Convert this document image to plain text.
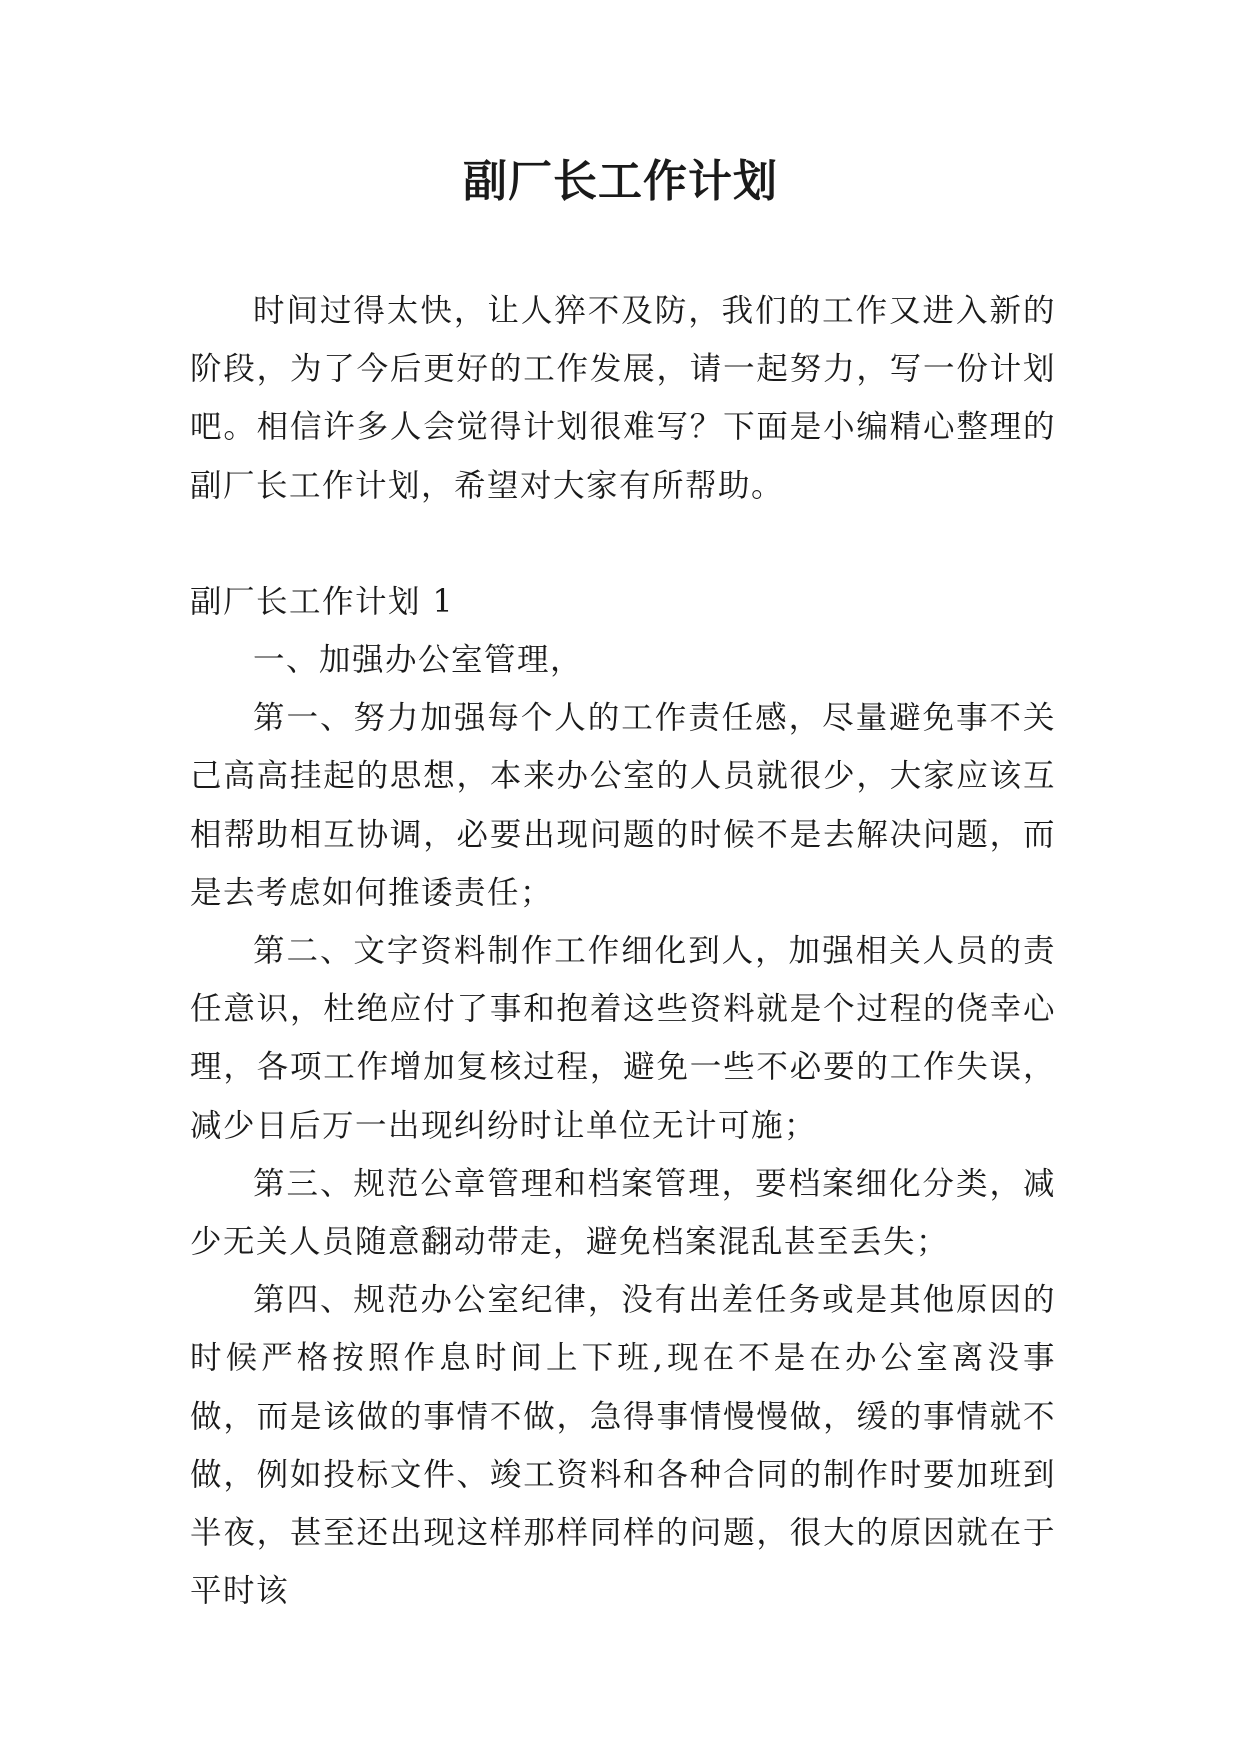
副厂长工作计划

时间过得太快，让人猝不及防，我们的工作又进入新的阶段，为了今后更好的工作发展，请一起努力，写一份计划吧。相信许多人会觉得计划很难写？下面是小编精心整理的副厂长工作计划，希望对大家有所帮助。

副厂长工作计划 1

一、加强办公室管理，

第一、努力加强每个人的工作责任感，尽量避免事不关己高高挂起的思想，本来办公室的人员就很少，大家应该互相帮助相互协调，必要出现问题的时候不是去解决问题，而是去考虑如何推诿责任；

第二、文字资料制作工作细化到人，加强相关人员的责任意识，杜绝应付了事和抱着这些资料就是个过程的侥幸心理，各项工作增加复核过程，避免一些不必要的工作失误，减少日后万一出现纠纷时让单位无计可施；

第三、规范公章管理和档案管理，要档案细化分类，减少无关人员随意翻动带走，避免档案混乱甚至丢失；

第四、规范办公室纪律，没有出差任务或是其他原因的时候严格按照作息时间上下班,现在不是在办公室离没事做，而是该做的事情不做，急得事情慢慢做，缓的事情就不做，例如投标文件、竣工资料和各种合同的制作时要加班到半夜，甚至还出现这样那样同样的问题，很大的原因就在于平时该
